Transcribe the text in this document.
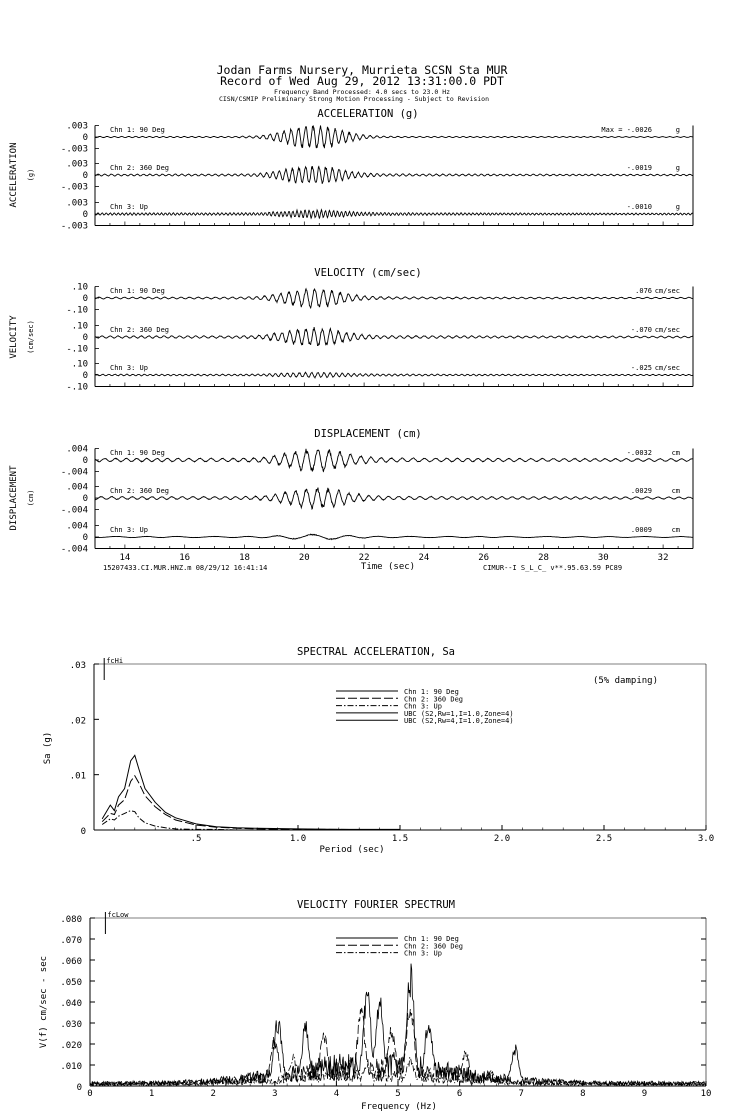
Jodan Farms Nursery, Murrieta SCSN Sta MUR
Record of Wed Aug 29, 2012 13:31:00.0 PDT
Frequency Band Processed: 4.0 secs to 23.0 Hz
CISN/CSMIP Preliminary Strong Motion Processing - Subject to Revision
ACCELERATION (g)
ACCELERATION (g)
.003
0
-.003
Chn 1: 90 Deg	Max = -.0026	g
.003
0
-.003
Chn 2: 360 Deg	-.0019	g
.003
0
-.003
Chn 3: Up	-.0010	g
VELOCITY (cm/sec)
VELOCITY (cm/sec)
.10
0
-.10
Chn 1: 90 Deg	.076 cm/sec
.10
0
-.10
Chn 2: 360 Deg	-.070 cm/sec
.10
0
-.10
Chn 3: Up	-.025 cm/sec
DISPLACEMENT (cm)
DISPLACEMENT (cm)
.004
0
-.004
Chn 1: 90 Deg	-.0032	cm
.004
0
-.004
Chn 2: 360 Deg	.0029	cm
.004
0
-.004
Chn 3: Up	.0009	cm
14	16	18	20	22	24	26	28	30	32
Time (sec)
15207433.CI.MUR.HNZ.m 08/29/12 16:41:14	CIMUR--I S_L_C_ v**.95.63.59 PC89
SPECTRAL ACCELERATION, Sa
0
.01
.02
.03
.5	1.0	1.5	2.0	2.5	3.0
Period (sec)
Sa (g)
(5% damping)
fcHi
Chn 1: 90 Deg
Chn 2: 360 Deg
Chn 3: Up
UBC (S2,Rw=1,I=1.0,Zone=4)
UBC (S2,Rw=4,I=1.0,Zone=4)
VELOCITY FOURIER SPECTRUM
0
.010
.020
.030
.040
.050
.060
.070
.080
0	1	2	3	4	5	6	7	8	9	10
Frequency (Hz)
V(f) cm/sec - sec
fcLow
Chn 1: 90 Deg
Chn 2: 360 Deg
Chn 3: Up
